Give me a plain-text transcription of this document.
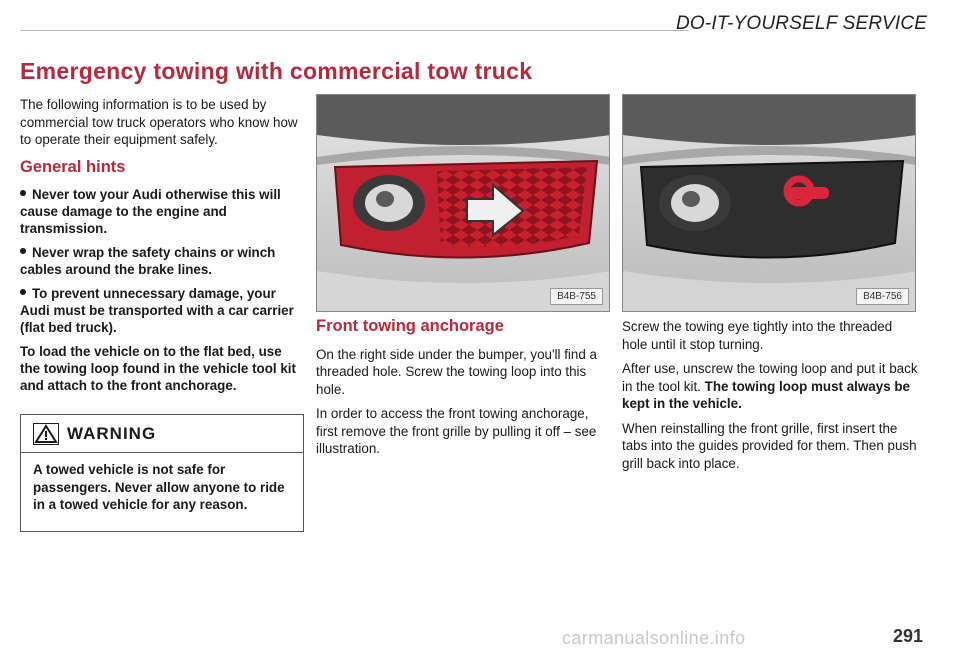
DO-IT-YOURSELF SERVICE
Emergency towing with commercial tow truck

The following information is to be used by commercial tow truck operators who know how to operate their equipment safely.

General hints

Never tow your Audi otherwise this will cause damage to the engine and transmission.

Never wrap the safety chains or winch cables around the brake lines.

To prevent unnecessary damage, your Audi must be transported with a car carrier (flat bed truck).

To load the vehicle on to the flat bed, use the towing loop found in the vehicle tool kit and attach to the front anchorage.

WARNING
A towed vehicle is not safe for passengers. Never allow anyone to ride in a towed vehicle for any reason.
B4B-755	B4B-756
Front towing anchorage

On the right side under the bumper, you'll find a threaded hole. Screw the towing loop into this hole.

In order to access the front towing anchorage, first remove the front grille by pulling it off – see illustration.

Screw the towing eye tightly into the threaded hole until it stop turning.

After use, unscrew the towing loop and put it back in the tool kit. The towing loop must always be kept in the vehicle.

When reinstalling the front grille, first insert the tabs into the guides provided for them. Then push grill back into place.

carmanualsonline.info	291
